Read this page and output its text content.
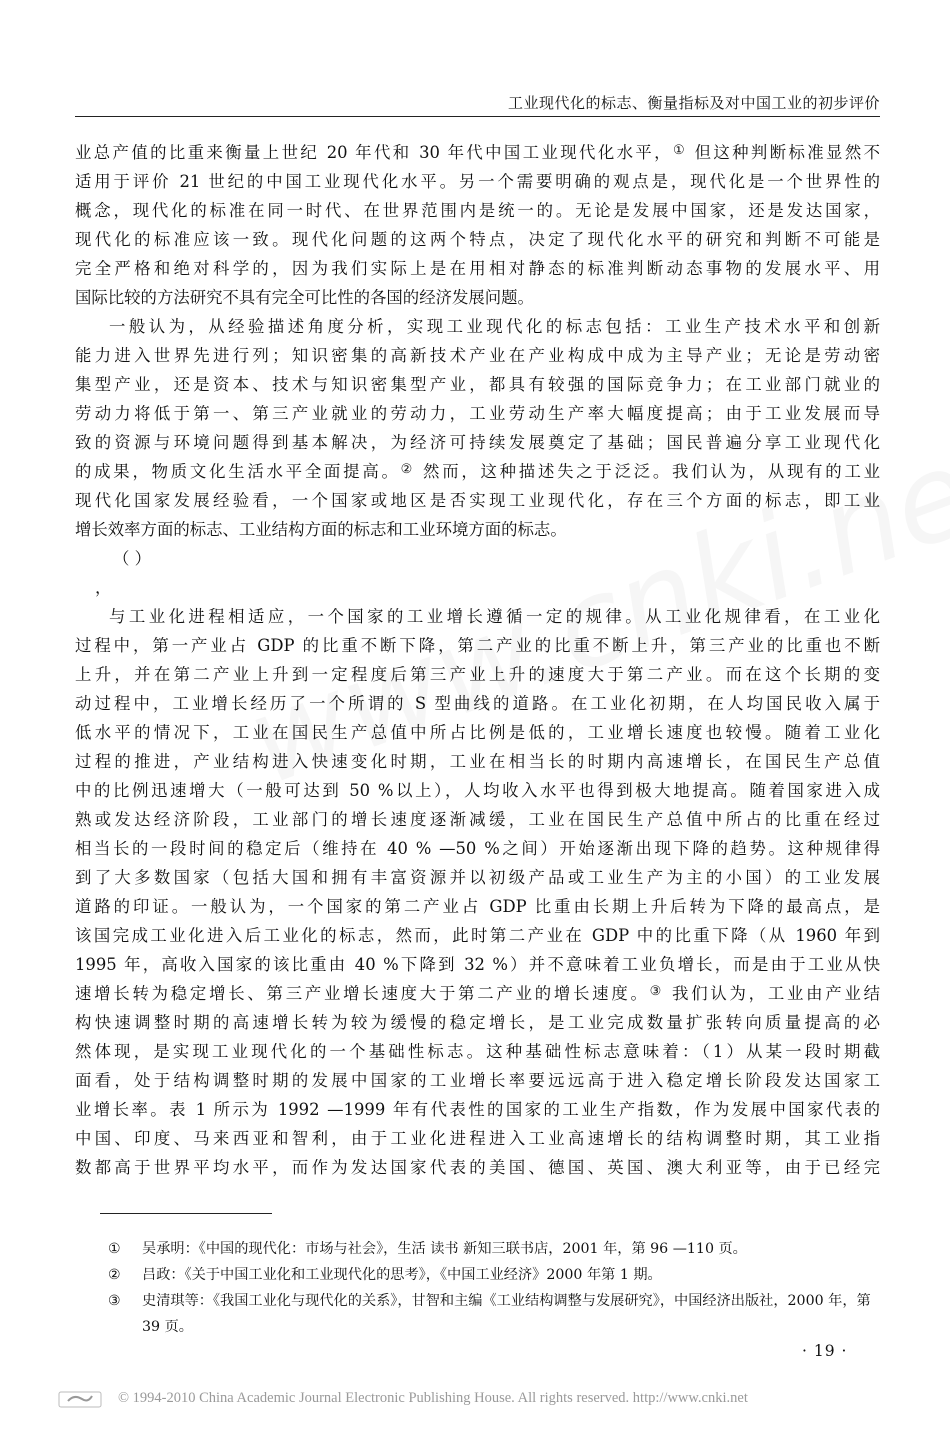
工业现代化的标志、衡量指标及对中国工业的初步评价
业总产值的比重来衡量上世纪 20 年代和 30 年代中国工业现代化水平，① 但这种判断标准显然不
适用于评价 21 世纪的中国工业现代化水平。另一个需要明确的观点是，现代化是一个世界性的
概念，现代化的标准在同一时代、在世界范围内是统一的。无论是发展中国家，还是发达国家，
现代化的标准应该一致。现代化问题的这两个特点，决定了现代化水平的研究和判断不可能是
完全严格和绝对科学的，因为我们实际上是在用相对静态的标准判断动态事物的发展水平、用
国际比较的方法研究不具有完全可比性的各国的经济发展问题。
一般认为，从经验描述角度分析，实现工业现代化的标志包括：工业生产技术水平和创新
能力进入世界先进行列；知识密集的高新技术产业在产业构成中成为主导产业；无论是劳动密
集型产业，还是资本、技术与知识密集型产业，都具有较强的国际竞争力；在工业部门就业的
劳动力将低于第一、第三产业就业的劳动力，工业劳动生产率大幅度提高；由于工业发展而导
致的资源与环境问题得到基本解决，为经济可持续发展奠定了基础；国民普遍分享工业现代化
的成果，物质文化生活水平全面提高。② 然而，这种描述失之于泛泛。我们认为，从现有的工业
现代化国家发展经验看，一个国家或地区是否实现工业现代化，存在三个方面的标志，即工业
增长效率方面的标志、工业结构方面的标志和工业环境方面的标志。
（ ）
，
与工业化进程相适应，一个国家的工业增长遵循一定的规律。从工业化规律看，在工业化
过程中，第一产业占 GDP 的比重不断下降，第二产业的比重不断上升，第三产业的比重也不断
上升，并在第二产业上升到一定程度后第三产业上升的速度大于第二产业。而在这个长期的变
动过程中，工业增长经历了一个所谓的 S 型曲线的道路。在工业化初期，在人均国民收入属于
低水平的情况下，工业在国民生产总值中所占比例是低的，工业增长速度也较慢。随着工业化
过程的推进，产业结构进入快速变化时期，工业在相当长的时期内高速增长，在国民生产总值
中的比例迅速增大（一般可达到 50 %以上），人均收入水平也得到极大地提高。随着国家进入成
熟或发达经济阶段，工业部门的增长速度逐渐减缓，工业在国民生产总值中所占的比重在经过
相当长的一段时间的稳定后（维持在 40 % —50 %之间）开始逐渐出现下降的趋势。这种规律得
到了大多数国家（包括大国和拥有丰富资源并以初级产品或工业生产为主的小国）的工业发展
道路的印证。一般认为，一个国家的第二产业占 GDP 比重由长期上升后转为下降的最高点，是
该国完成工业化进入后工业化的标志，然而，此时第二产业在 GDP 中的比重下降（从 1960 年到
1995 年，高收入国家的该比重由 40 %下降到 32 %）并不意味着工业负增长，而是由于工业从快
速增长转为稳定增长、第三产业增长速度大于第二产业的增长速度。③ 我们认为，工业由产业结
构快速调整时期的高速增长转为较为缓慢的稳定增长，是工业完成数量扩张转向质量提高的必
然体现，是实现工业现代化的一个基础性标志。这种基础性标志意味着：（1）从某一段时期截
面看，处于结构调整时期的发展中国家的工业增长率要远远高于进入稳定增长阶段发达国家工
业增长率。表 1 所示为 1992 —1999 年有代表性的国家的工业生产指数，作为发展中国家代表的
中国、印度、马来西亚和智利，由于工业化进程进入工业高速增长的结构调整时期，其工业指
数都高于世界平均水平，而作为发达国家代表的美国、德国、英国、澳大利亚等，由于已经完
①	吴承明：《中国的现代化：市场与社会》，生活 读书 新知三联书店，2001 年，第 96 —110 页。
②	吕政：《关于中国工业化和工业现代化的思考》，《中国工业经济》2000 年第 1 期。
③	史清琪等：《我国工业化与现代化的关系》，甘智和主编《工业结构调整与发展研究》，中国经济出版社，2000 年，第 39 页。
· 19 ·
© 1994-2010 China Academic Journal Electronic Publishing House. All rights reserved. http://www.cnki.net
